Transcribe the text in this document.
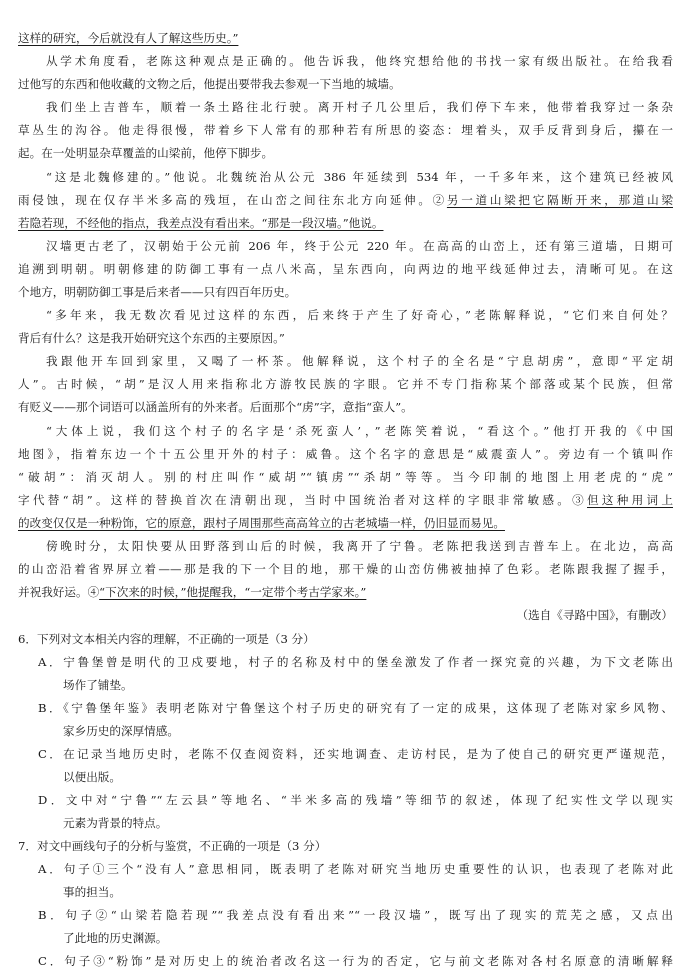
这样的研究，今后就没有人了解这些历史。”
从学术角度看，老陈这种观点是正确的。他告诉我，他终究想给他的书找一家有级出版社。在给我看
过他写的东西和他收藏的文物之后，他提出要带我去参观一下当地的城墙。
我们坐上吉普车，顺着一条土路往北行驶。离开村子几公里后，我们停下车来，他带着我穿过一条杂
草丛生的沟谷。他走得很慢，带着乡下人常有的那种若有所思的姿态：埋着头，双手反背到身后，攥在一
起。在一处明显杂草覆盖的山梁前，他停下脚步。
“这是北魏修建的。”他说。北魏统治从公元 386 年延续到 534 年，一千多年来，这个建筑已经被风
雨侵蚀，现在仅存半米多高的残垣，在山峦之间往东北方向延伸。②另一道山梁把它隔断开来，那道山梁
若隐若现，不经他的指点，我差点没有看出来。“那是一段汉墙。”他说。
汉墙更古老了，汉朝始于公元前 206 年，终于公元 220 年。在高高的山峦上，还有第三道墙，日期可
追溯到明朝。明朝修建的防御工事有一点八米高，呈东西向，向两边的地平线延伸过去，清晰可见。在这
个地方，明朝防御工事是后来者——只有四百年历史。
“多年来，我无数次看见过这样的东西，后来终于产生了好奇心，”老陈解释说，“它们来自何处？
背后有什么？这是我开始研究这个东西的主要原因。”
我跟他开车回到家里，又喝了一杯茶。他解释说，这个村子的全名是“宁息胡虏”，意即“平定胡
人”。古时候，“胡”是汉人用来指称北方游牧民族的字眼。它并不专门指称某个部落或某个民族，但常
有贬义——那个词语可以涵盖所有的外来者。后面那个“虏”字，意指“蛮人”。
“大体上说，我们这个村子的名字是‘杀死蛮人’，”老陈笑着说，“看这个。”他打开我的《中国
地图》，指着东边一个十五公里开外的村子：威鲁。这个名字的意思是“威震蛮人”。旁边有一个镇叫作
“破胡”：消灭胡人。别的村庄叫作“威胡”“镇虏”“杀胡”等等。当今印制的地图上用老虎的“虎”
字代替“胡”。这样的替换首次在清朝出现，当时中国统治者对这样的字眼非常敏感。③但这种用词上
的改变仅仅是一种粉饰，它的原意，跟村子周围那些高高耸立的古老城墙一样，仍旧显而易见。
傍晚时分，太阳快要从田野落到山后的时候，我离开了宁鲁。老陈把我送到吉普车上。在北边，高高
的山峦沿着省界屏立着——那是我的下一个目的地，那干燥的山峦仿佛被抽掉了色彩。老陈跟我握了握手，
并祝我好运。④“下次来的时候，”他提醒我，“一定带个考古学家来。”
（选自《寻路中国》，有删改）
6．下列对文本相关内容的理解，不正确的一项是（3 分）
A．宁鲁堡曾是明代的卫戍要地，村子的名称及村中的堡垒激发了作者一探究竟的兴趣，为下文老陈出
场作了铺垫。
B．《宁鲁堡年鉴》表明老陈对宁鲁堡这个村子历史的研究有了一定的成果，这体现了老陈对家乡风物、
家乡历史的深厚情感。
C．在记录当地历史时，老陈不仅查阅资料，还实地调查、走访村民，是为了使自己的研究更严谨规范，
以便出版。
D．文中对“宁鲁”“左云县”等地名、“半米多高的残墙”等细节的叙述，体现了纪实性文学以现实
元素为背景的特点。
7．对文中画线句子的分析与鉴赏，不正确的一项是（3 分）
A．句子①三个“没有人”意思相同，既表明了老陈对研究当地历史重要性的认识，也表现了老陈对此
事的担当。
B．句子②“山梁若隐若现”“我差点没有看出来”“一段汉墙”，既写出了现实的荒芜之感，又点出
了此地的历史渊源。
C．句子③“粉饰”是对历史上的统治者改名这一行为的否定，它与前文老陈对各村名原意的清晰解释
